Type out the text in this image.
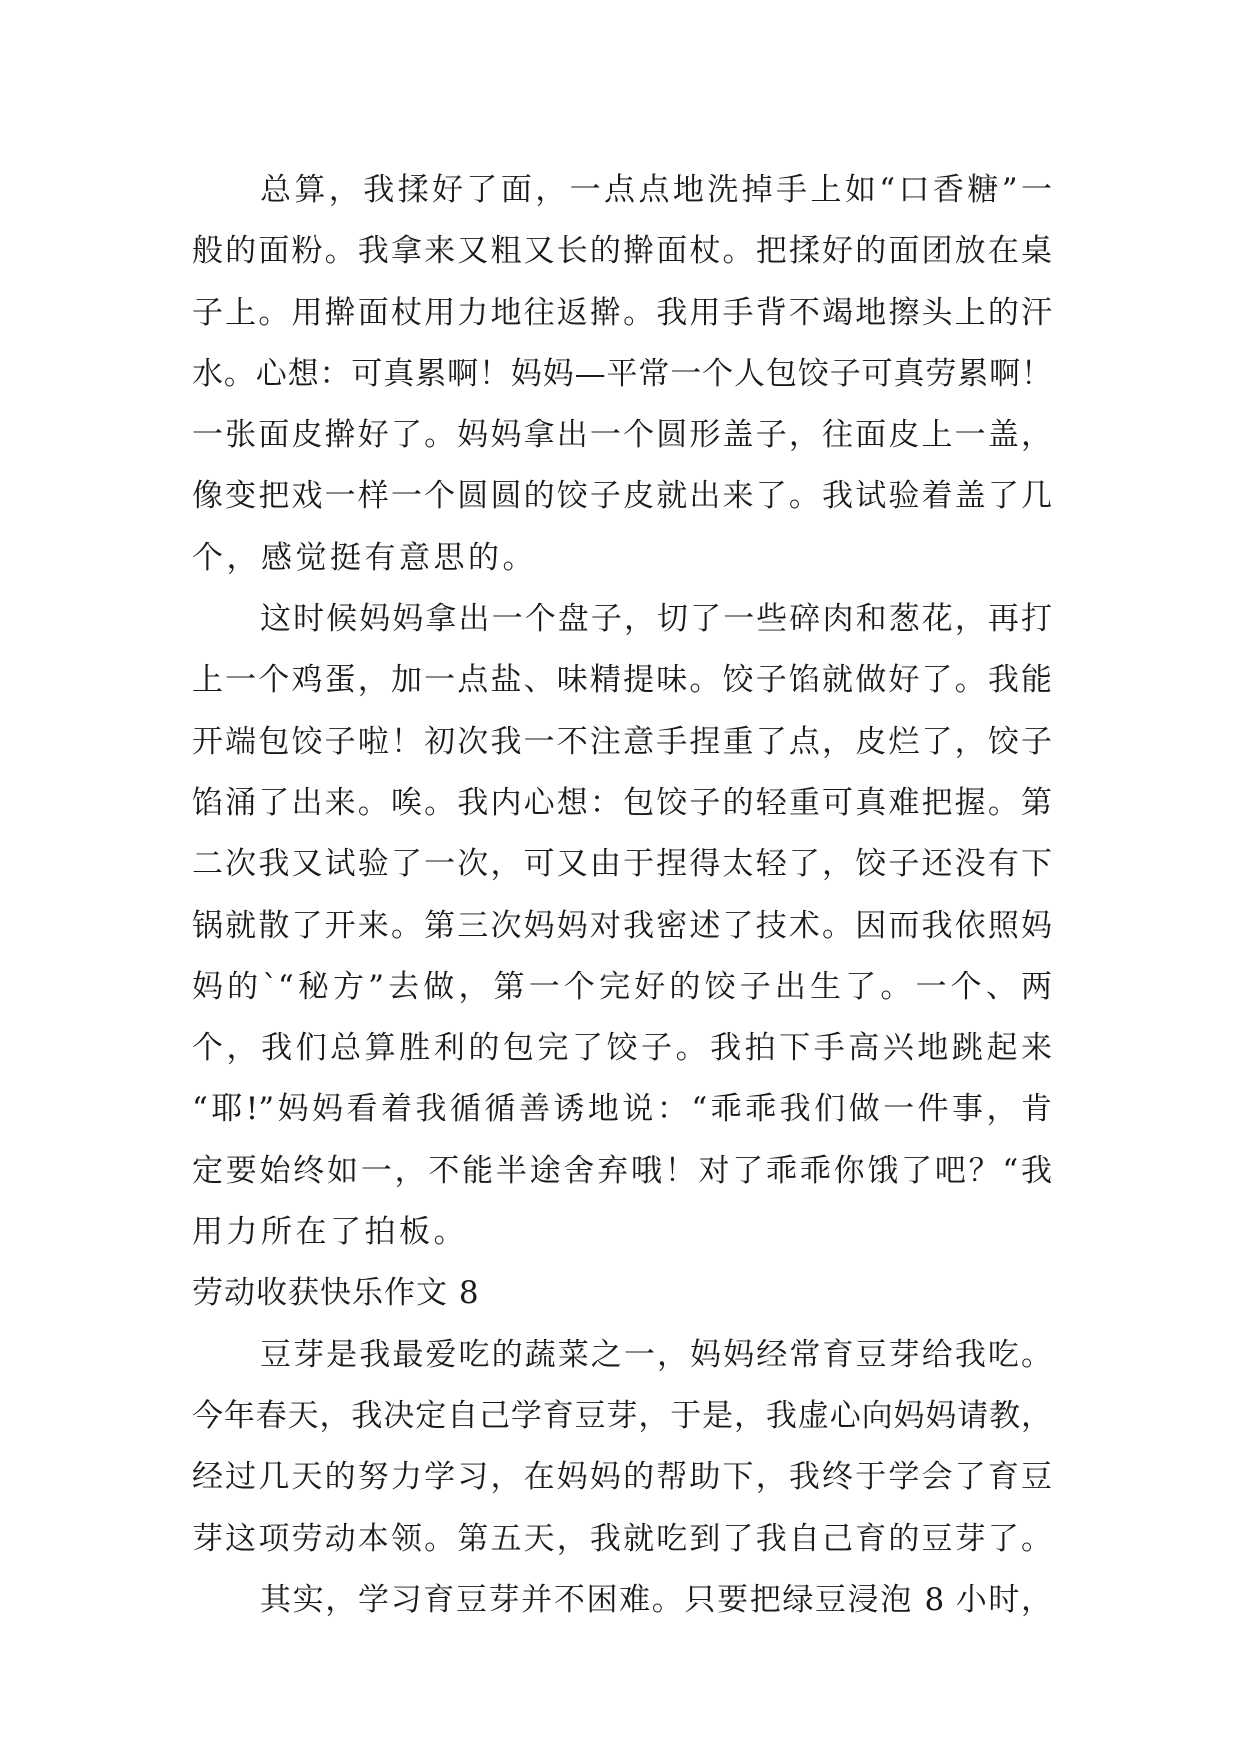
总算，我揉好了面，一点点地洗掉手上如“口香糖”一
般的面粉。我拿来又粗又长的擀面杖。把揉好的面团放在桌
子上。用擀面杖用力地往返擀。我用手背不竭地擦头上的汗
水。心想：可真累啊！妈妈—平常一个人包饺子可真劳累啊！
一张面皮擀好了。妈妈拿出一个圆形盖子，往面皮上一盖，
像变把戏一样一个圆圆的饺子皮就出来了。我试验着盖了几
个，感觉挺有意思的。
这时候妈妈拿出一个盘子，切了一些碎肉和葱花，再打
上一个鸡蛋，加一点盐、味精提味。饺子馅就做好了。我能
开端包饺子啦！初次我一不注意手捏重了点，皮烂了，饺子
馅涌了出来。唉。我内心想：包饺子的轻重可真难把握。第
二次我又试验了一次，可又由于捏得太轻了，饺子还没有下
锅就散了开来。第三次妈妈对我密述了技术。因而我依照妈
妈的`“秘方”去做，第一个完好的饺子出生了。一个、两
个，我们总算胜利的包完了饺子。我拍下手高兴地跳起来
“耶!”妈妈看着我循循善诱地说：“乖乖我们做一件事，肯
定要始终如一，不能半途舍弃哦！对了乖乖你饿了吧？“我
用力所在了拍板。
劳动收获快乐作文 8
豆芽是我最爱吃的蔬菜之一，妈妈经常育豆芽给我吃。
今年春天，我决定自己学育豆芽，于是，我虚心向妈妈请教，
经过几天的努力学习，在妈妈的帮助下，我终于学会了育豆
芽这项劳动本领。第五天，我就吃到了我自己育的豆芽了。
其实，学习育豆芽并不困难。只要把绿豆浸泡 8 小时，
